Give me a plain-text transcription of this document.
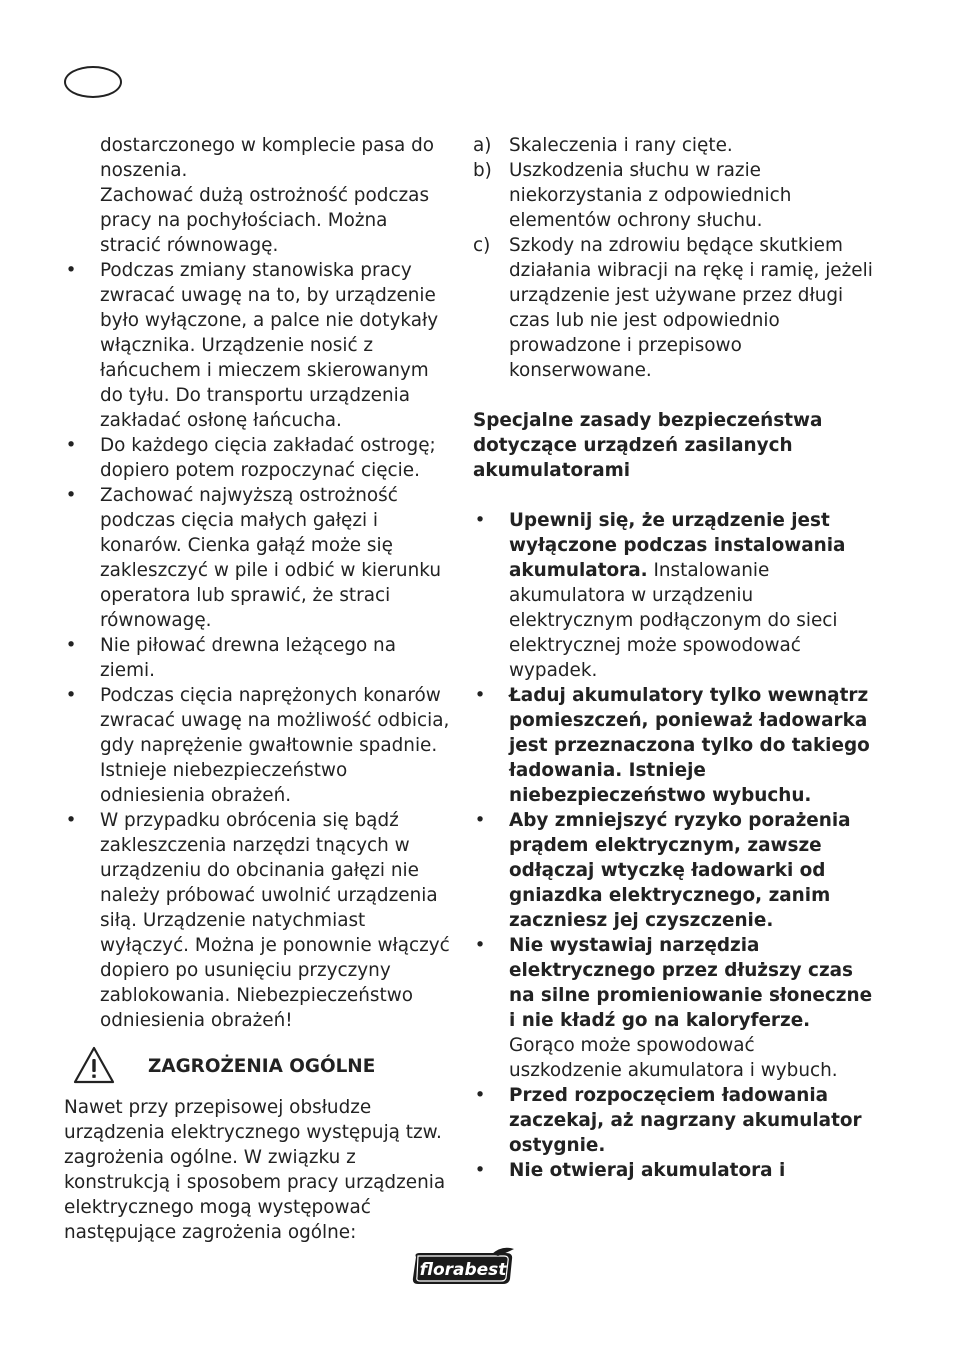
dostarczonego w komplecie pasa do noszenia.
Zachować dużą ostrożność podczas pracy na pochyłościach. Można stracić równowagę.
• Podczas zmiany stanowiska pracy zwracać uwagę na to, by urządzenie było wyłączone, a palce nie dotykały włącznika. Urządzenie nosić z łańcuchem i mieczem skierowanym do tyłu. Do transportu urządzenia zakładać osłonę łańcucha.
• Do każdego cięcia zakładać ostrogę; dopiero potem rozpoczynać cięcie.
• Zachować najwyższą ostrożność podczas cięcia małych gałęzi i konarów. Cienka gałąź może się zakleszczyć w pile i odbić w kierunku operatora lub sprawić, że straci równowagę.
• Nie piłować drewna leżącego na ziemi.
• Podczas cięcia naprężonych konarów zwracać uwagę na możliwość odbicia, gdy naprężenie gwałtownie spadnie. Istnieje niebezpieczeństwo odniesienia obrażeń.
• W przypadku obrócenia się bądź zakleszczenia narzędzi tnących w urządzeniu do obcinania gałęzi nie należy próbować uwolnić urządzenia siłą. Urządzenie natychmiast wyłączyć. Można je ponownie włączyć dopiero po usunięciu przyczyny zablokowania. Niebezpieczeństwo odniesienia obrażeń!
ZAGROŻENIA OGÓLNE
Nawet przy przepisowej obsłudze urządzenia elektrycznego występują tzw. zagrożenia ogólne. W związku z konstrukcją i sposobem pracy urządzenia elektrycznego mogą występować następujące zagrożenia ogólne:
a) Skaleczenia i rany cięte.
b) Uszkodzenia słuchu w razie niekorzystania z odpowiednich elementów ochrony słuchu.
c) Szkody na zdrowiu będące skutkiem działania wibracji na rękę i ramię, jeżeli urządzenie jest używane przez długi czas lub nie jest odpowiednio prowadzone i przepisowo konserwowane.
Specjalne zasady bezpieczeństwa dotyczące urządzeń zasilanych akumulatorami
• Upewnij się, że urządzenie jest wyłączone podczas instalowania akumulatora. Instalowanie akumulatora w urządzeniu elektrycznym podłączonym do sieci elektrycznej może spowodować wypadek.
• Ładuj akumulatory tylko wewnątrz pomieszczeń, ponieważ ładowarka jest przeznaczona tylko do takiego ładowania. Istnieje niebezpieczeństwo wybuchu.
• Aby zmniejszyć ryzyko porażenia prądem elektrycznym, zawsze odłączaj wtyczkę ładowarki od gniazdka elektrycznego, zanim zaczniesz jej czyszczenie.
• Nie wystawiaj narzędzia elektrycznego przez dłuższy czas na silne promieniowanie słoneczne i nie kładź go na kaloryferze. Gorąco może spowodować uszkodzenie akumulatora i wybuch.
• Przed rozpoczęciem ładowania zaczekaj, aż nagrzany akumulator ostygnie.
• Nie otwieraj akumulatora i
florabest
